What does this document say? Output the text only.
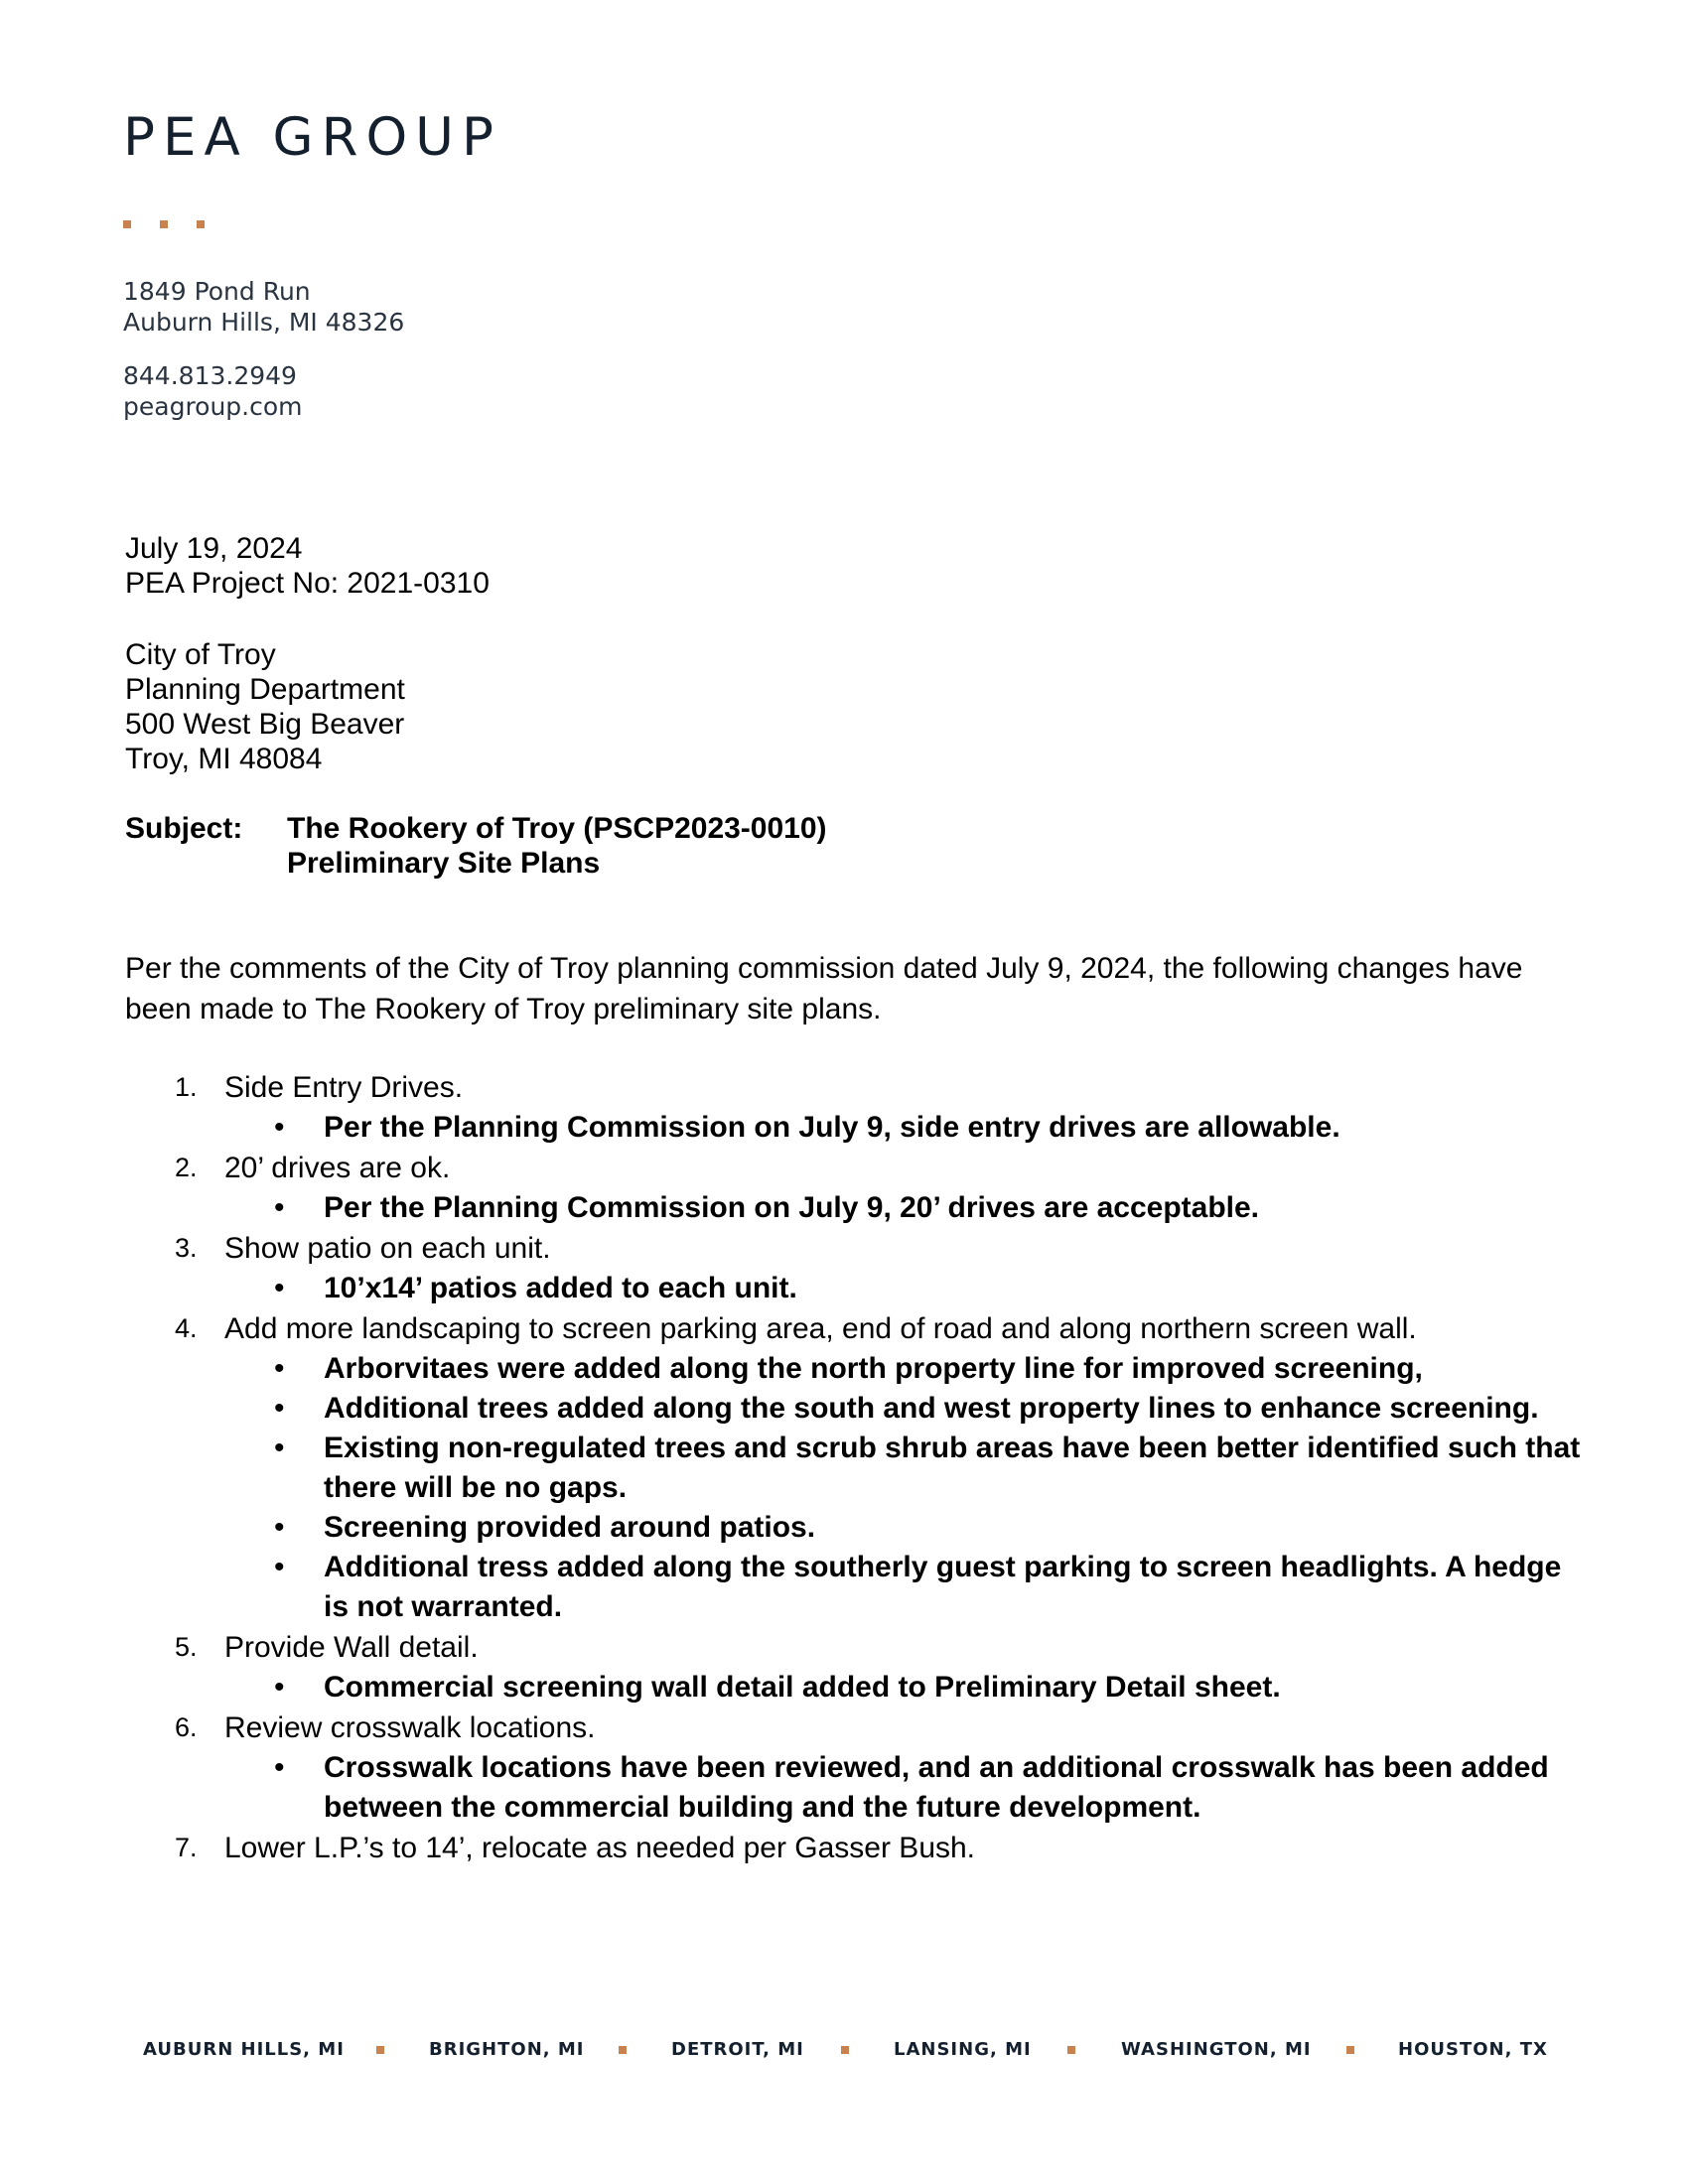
PEA GROUP
1849 Pond Run
Auburn Hills, MI 48326
844.813.2949
peagroup.com
July 19, 2024
PEA Project No: 2021-0310
City of Troy
Planning Department
500 West Big Beaver
Troy, MI 48084
Subject: The Rookery of Troy (PSCP2023-0010)
Preliminary Site Plans

Per the comments of the City of Troy planning commission dated July 9, 2024, the following changes have been made to The Rookery of Troy preliminary site plans.

1. Side Entry Drives.
• Per the Planning Commission on July 9, side entry drives are allowable.
2. 20’ drives are ok.
• Per the Planning Commission on July 9, 20’ drives are acceptable.
3. Show patio on each unit.
• 10’x14’ patios added to each unit.
4. Add more landscaping to screen parking area, end of road and along northern screen wall.
• Arborvitaes were added along the north property line for improved screening,
• Additional trees added along the south and west property lines to enhance screening.
• Existing non-regulated trees and scrub shrub areas have been better identified such that there will be no gaps.
• Screening provided around patios.
• Additional tress added along the southerly guest parking to screen headlights. A hedge is not warranted.
5. Provide Wall detail.
• Commercial screening wall detail added to Preliminary Detail sheet.
6. Review crosswalk locations.
• Crosswalk locations have been reviewed, and an additional crosswalk has been added between the commercial building and the future development.
7. Lower L.P.’s to 14’, relocate as needed per Gasser Bush.
AUBURN HILLS, MI	BRIGHTON, MI	DETROIT, MI	LANSING, MI	WASHINGTON, MI	HOUSTON, TX
